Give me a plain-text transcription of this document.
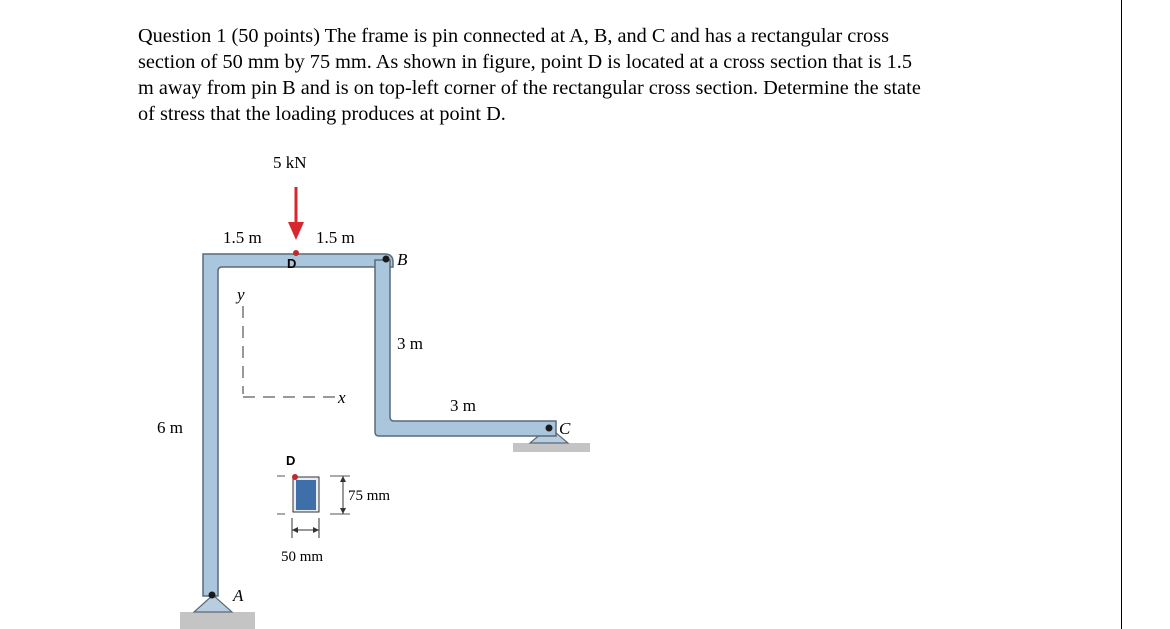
Question 1 (50 points) The frame is pin connected at A, B, and C and has a rectangular cross
section of 50 mm by 75 mm. As shown in figure, point D is located at a cross section that is 1.5
m away from pin B and is on top-left corner of the rectangular cross section. Determine the state
of stress that the loading produces at point D.
5 kN
1.5 m	1.5 m
D	B
y
x
3 m
3 m
C
6 m
D
75 mm
50 mm
A
